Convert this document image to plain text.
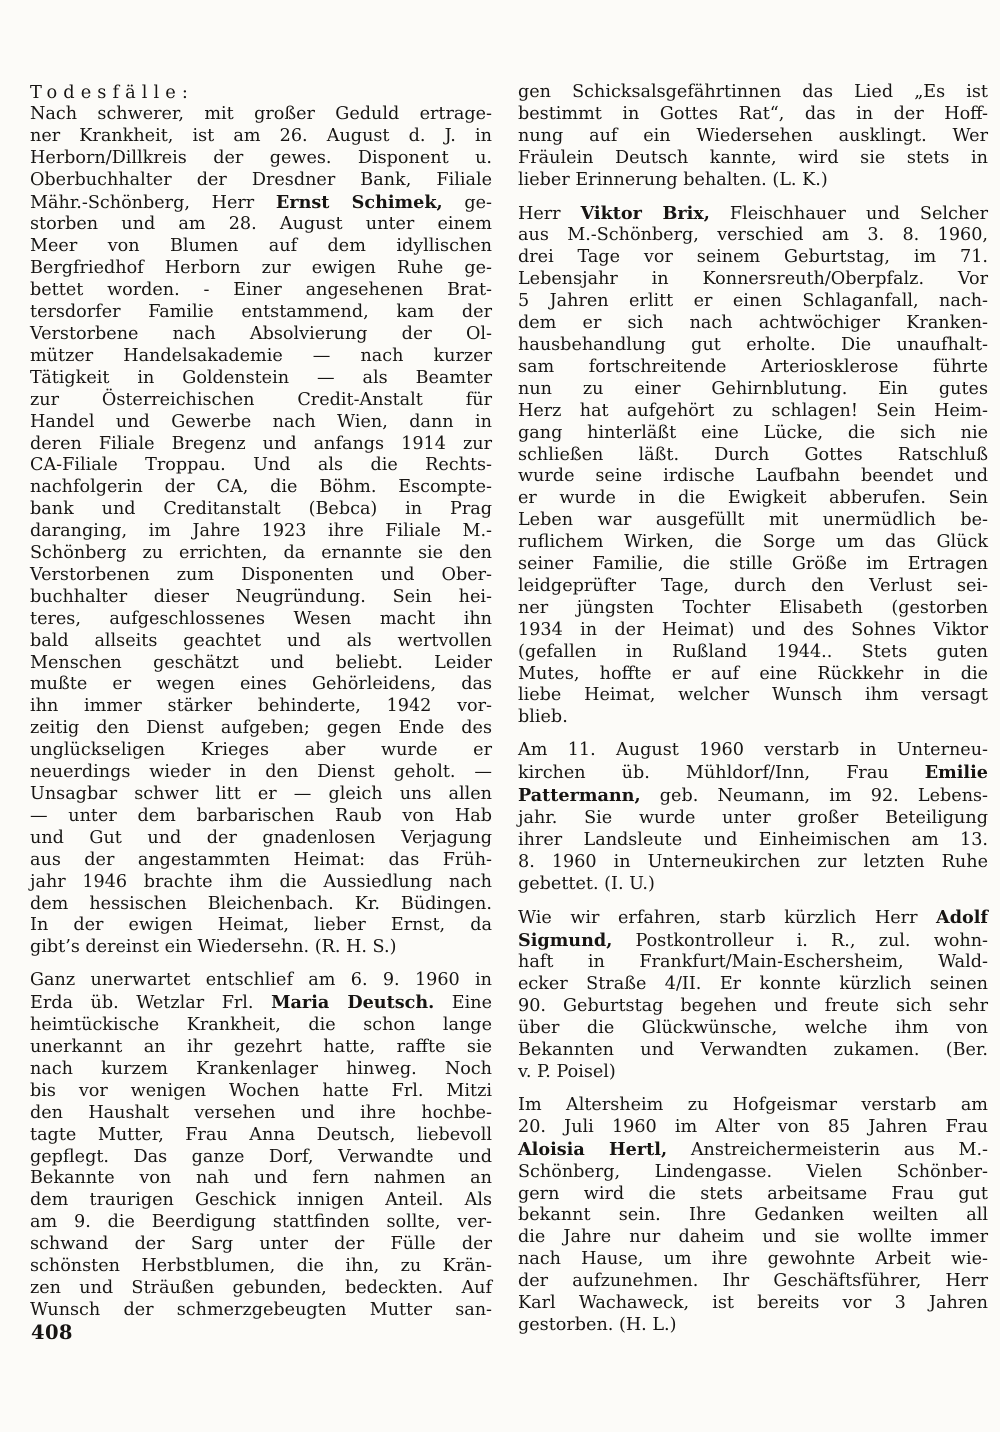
Todesfälle:
Nach schwerer, mit großer Geduld ertrage-
ner Krankheit, ist am 26. August d. J. in
Herborn/Dillkreis der gewes. Disponent u.
Oberbuchhalter der Dresdner Bank, Filiale
Mähr.-Schönberg, Herr Ernst Schimek, ge-
storben und am 28. August unter einem
Meer von Blumen auf dem idyllischen
Bergfriedhof Herborn zur ewigen Ruhe ge-
bettet worden. - Einer angesehenen Brat-
tersdorfer Familie entstammend, kam der
Verstorbene nach Absolvierung der Ol-
mützer Handelsakademie — nach kurzer
Tätigkeit in Goldenstein — als Beamter
zur Österreichischen Credit-Anstalt für
Handel und Gewerbe nach Wien, dann in
deren Filiale Bregenz und anfangs 1914 zur
CA-Filiale Troppau. Und als die Rechts-
nachfolgerin der CA, die Böhm. Escompte-
bank und Creditanstalt (Bebca) in Prag
daranging, im Jahre 1923 ihre Filiale M.-
Schönberg zu errichten, da ernannte sie den
Verstorbenen zum Disponenten und Ober-
buchhalter dieser Neugründung. Sein hei-
teres, aufgeschlossenes Wesen macht ihn
bald allseits geachtet und als wertvollen
Menschen geschätzt und beliebt. Leider
mußte er wegen eines Gehörleidens, das
ihn immer stärker behinderte, 1942 vor-
zeitig den Dienst aufgeben; gegen Ende des
unglückseligen Krieges aber wurde er
neuerdings wieder in den Dienst geholt. —
Unsagbar schwer litt er — gleich uns allen
— unter dem barbarischen Raub von Hab
und Gut und der gnadenlosen Verjagung
aus der angestammten Heimat: das Früh-
jahr 1946 brachte ihm die Aussiedlung nach
dem hessischen Bleichenbach. Kr. Büdingen.
In der ewigen Heimat, lieber Ernst, da
gibt’s dereinst ein Wiedersehn. (R. H. S.)
Ganz unerwartet entschlief am 6. 9. 1960 in
Erda üb. Wetzlar Frl. Maria Deutsch. Eine
heimtückische Krankheit, die schon lange
unerkannt an ihr gezehrt hatte, raffte sie
nach kurzem Krankenlager hinweg. Noch
bis vor wenigen Wochen hatte Frl. Mitzi
den Haushalt versehen und ihre hochbe-
tagte Mutter, Frau Anna Deutsch, liebevoll
gepflegt. Das ganze Dorf, Verwandte und
Bekannte von nah und fern nahmen an
dem traurigen Geschick innigen Anteil. Als
am 9. die Beerdigung stattfinden sollte, ver-
schwand der Sarg unter der Fülle der
schönsten Herbstblumen, die ihn, zu Krän-
zen und Sträußen gebunden, bedeckten. Auf
Wunsch der schmerzgebeugten Mutter san-
gen Schicksalsgefährtinnen das Lied „Es ist
bestimmt in Gottes Rat“, das in der Hoff-
nung auf ein Wiedersehen ausklingt. Wer
Fräulein Deutsch kannte, wird sie stets in
lieber Erinnerung behalten. (L. K.)
Herr Viktor Brix, Fleischhauer und Selcher
aus M.-Schönberg, verschied am 3. 8. 1960,
drei Tage vor seinem Geburtstag, im 71.
Lebensjahr in Konnersreuth/Oberpfalz. Vor
5 Jahren erlitt er einen Schlaganfall, nach-
dem er sich nach achtwöchiger Kranken-
hausbehandlung gut erholte. Die unaufhalt-
sam fortschreitende Arteriosklerose führte
nun zu einer Gehirnblutung. Ein gutes
Herz hat aufgehört zu schlagen! Sein Heim-
gang hinterläßt eine Lücke, die sich nie
schließen läßt. Durch Gottes Ratschluß
wurde seine irdische Laufbahn beendet und
er wurde in die Ewigkeit abberufen. Sein
Leben war ausgefüllt mit unermüdlich be-
ruflichem Wirken, die Sorge um das Glück
seiner Familie, die stille Größe im Ertragen
leidgeprüfter Tage, durch den Verlust sei-
ner jüngsten Tochter Elisabeth (gestorben
1934 in der Heimat) und des Sohnes Viktor
(gefallen in Rußland 1944.. Stets guten
Mutes, hoffte er auf eine Rückkehr in die
liebe Heimat, welcher Wunsch ihm versagt
blieb.
Am 11. August 1960 verstarb in Unterneu-
kirchen üb. Mühldorf/Inn, Frau Emilie
Pattermann, geb. Neumann, im 92. Lebens-
jahr. Sie wurde unter großer Beteiligung
ihrer Landsleute und Einheimischen am 13.
8. 1960 in Unterneukirchen zur letzten Ruhe
gebettet. (I. U.)
Wie wir erfahren, starb kürzlich Herr Adolf
Sigmund, Postkontrolleur i. R., zul. wohn-
haft in Frankfurt/Main-Eschersheim, Wald-
ecker Straße 4/II. Er konnte kürzlich seinen
90. Geburtstag begehen und freute sich sehr
über die Glückwünsche, welche ihm von
Bekannten und Verwandten zukamen. (Ber.
v. P. Poisel)
Im Altersheim zu Hofgeismar verstarb am
20. Juli 1960 im Alter von 85 Jahren Frau
Aloisia Hertl, Anstreichermeisterin aus M.-
Schönberg, Lindengasse. Vielen Schönber-
gern wird die stets arbeitsame Frau gut
bekannt sein. Ihre Gedanken weilten all
die Jahre nur daheim und sie wollte immer
nach Hause, um ihre gewohnte Arbeit wie-
der aufzunehmen. Ihr Geschäftsführer, Herr
Karl Wachaweck, ist bereits vor 3 Jahren
gestorben. (H. L.)
408
